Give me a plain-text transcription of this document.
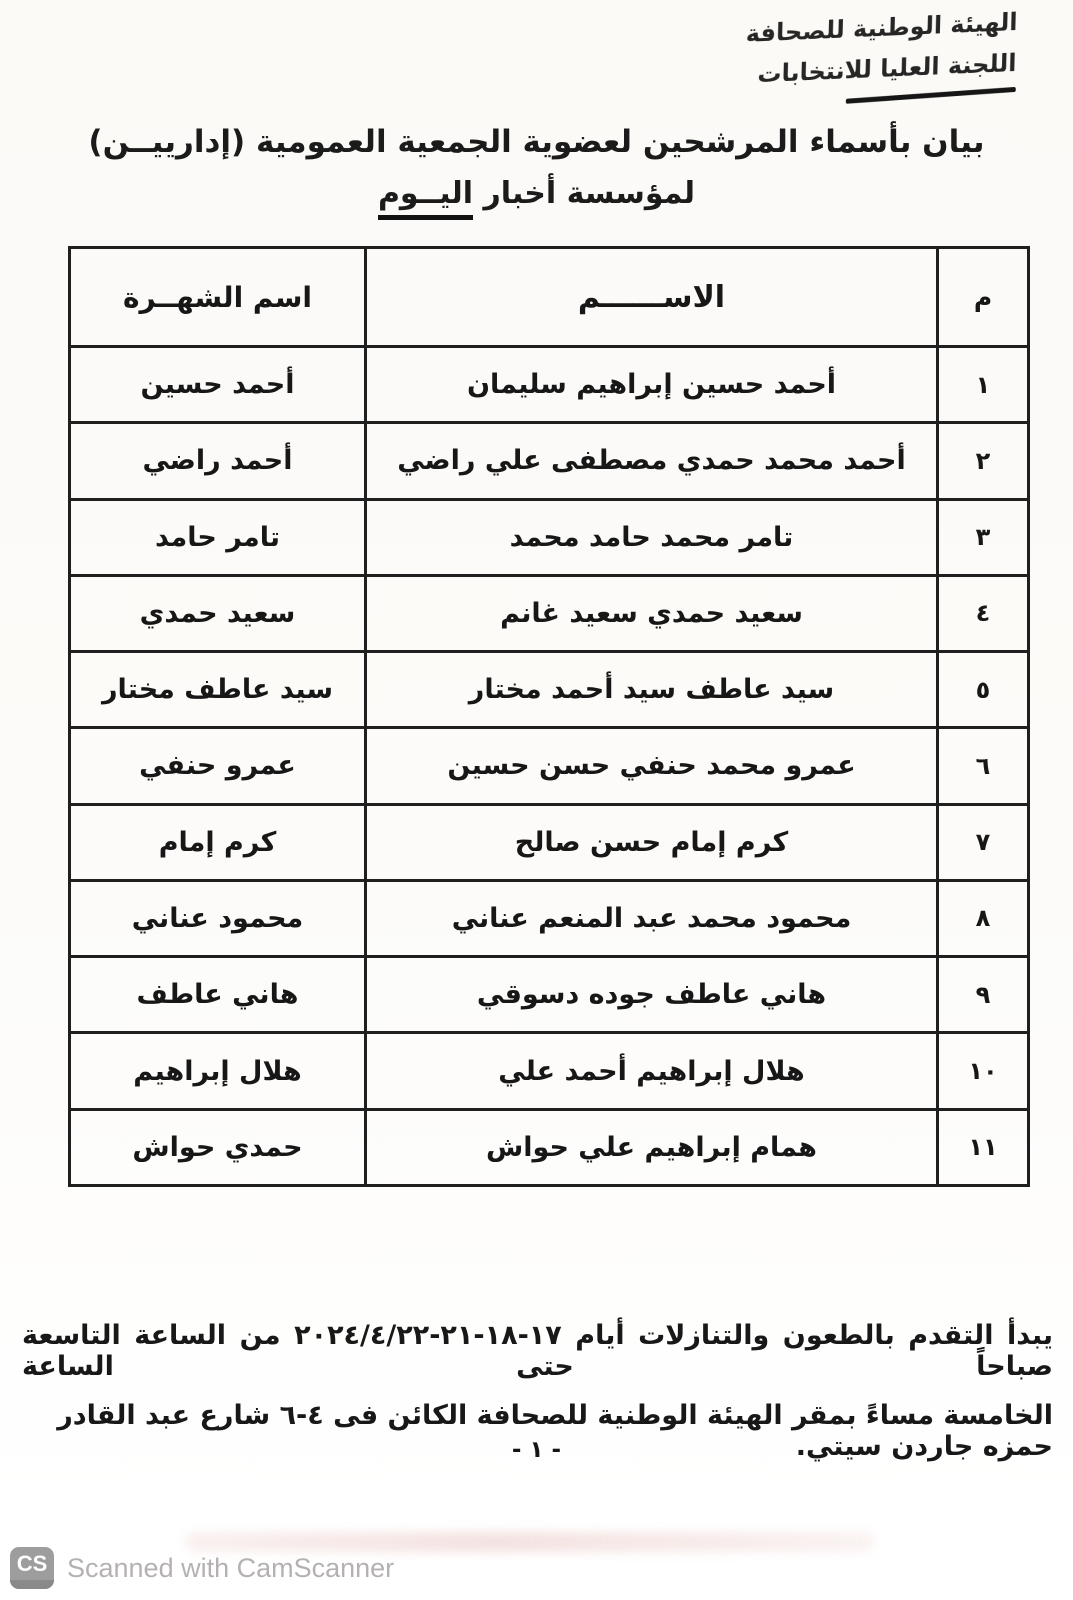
الهيئة الوطنية للصحافة
اللجنة العليا للانتخابات
بيان بأسماء المرشحين لعضوية الجمعية العمومية (إدارييــن)
لمؤسسة أخبار اليــوم
م	الاســــــم	اسم الشهــرة
١	أحمد حسين إبراهيم سليمان	أحمد حسين
٢	أحمد محمد حمدي مصطفى علي راضي	أحمد راضي
٣	تامر محمد حامد محمد	تامر حامد
٤	سعيد حمدي سعيد غانم	سعيد حمدي
٥	سيد عاطف سيد أحمد مختار	سيد عاطف مختار
٦	عمرو محمد حنفي حسن حسين	عمرو حنفي
٧	كرم إمام حسن صالح	كرم إمام
٨	محمود محمد عبد المنعم عناني	محمود عناني
٩	هاني عاطف جوده دسوقي	هاني عاطف
١٠	هلال إبراهيم أحمد علي	هلال إبراهيم
١١	همام إبراهيم علي حواش	حمدي حواش
يبدأ التقدم بالطعون والتنازلات أيام ١٧-١٨-٢١-٢٠٢٤/٤/٢٢ من الساعة التاسعة صباحاً حتى الساعة
الخامسة مساءً بمقر الهيئة الوطنية للصحافة الكائن فى ٤-٦ شارع عبد القادر حمزه جاردن سيتي.
- ١ -
CS Scanned with CamScanner
